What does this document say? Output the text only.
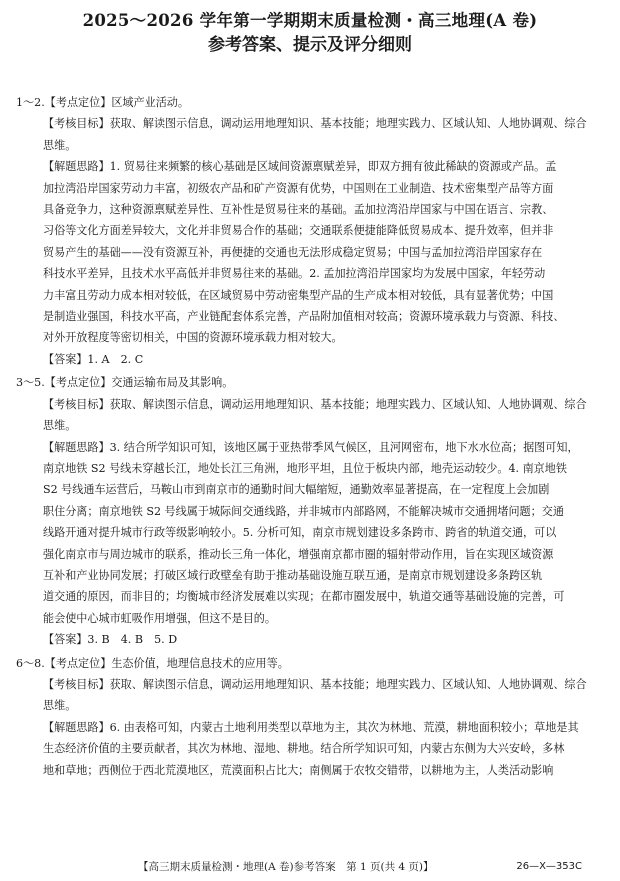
2025～2026 学年第一学期期末质量检测・高三地理(A 卷)
参考答案、提示及评分细则
1～2.【考点定位】区域产业活动。
【考核目标】获取、解读图示信息，调动运用地理知识、基本技能；地理实践力、区域认知、人地协调观、综合
思维。
【解题思路】1. 贸易往来频繁的核心基础是区域间资源禀赋差异，即双方拥有彼此稀缺的资源或产品。孟
加拉湾沿岸国家劳动力丰富，初级农产品和矿产资源有优势，中国则在工业制造、技术密集型产品等方面
具备竞争力，这种资源禀赋差异性、互补性是贸易往来的基础。孟加拉湾沿岸国家与中国在语言、宗教、
习俗等文化方面差异较大，文化并非贸易合作的基础；交通联系便捷能降低贸易成本、提升效率，但并非
贸易产生的基础——没有资源互补，再便捷的交通也无法形成稳定贸易；中国与孟加拉湾沿岸国家存在
科技水平差异，且技术水平高低并非贸易往来的基础。2. 孟加拉湾沿岸国家均为发展中国家，年轻劳动
力丰富且劳动力成本相对较低，在区域贸易中劳动密集型产品的生产成本相对较低，具有显著优势；中国
是制造业强国，科技水平高，产业链配套体系完善，产品附加值相对较高；资源环境承载力与资源、科技、
对外开放程度等密切相关，中国的资源环境承载力相对较大。
【答案】1. A　2. C
3～5.【考点定位】交通运输布局及其影响。
【考核目标】获取、解读图示信息，调动运用地理知识、基本技能；地理实践力、区域认知、人地协调观、综合
思维。
【解题思路】3. 结合所学知识可知，该地区属于亚热带季风气候区，且河网密布，地下水水位高；据图可知，
南京地铁 S2 号线未穿越长江，地处长江三角洲，地形平坦，且位于板块内部，地壳运动较少。4. 南京地铁
S2 号线通车运营后，马鞍山市到南京市的通勤时间大幅缩短，通勤效率显著提高，在一定程度上会加剧
职住分离；南京地铁 S2 号线属于城际间交通线路，并非城市内部路网，不能解决城市交通拥堵问题；交通
线路开通对提升城市行政等级影响较小。5. 分析可知，南京市规划建设多条跨市、跨省的轨道交通，可以
强化南京市与周边城市的联系，推动长三角一体化，增强南京都市圈的辐射带动作用，旨在实现区域资源
互补和产业协同发展；打破区域行政壁垒有助于推动基础设施互联互通，是南京市规划建设多条跨区轨
道交通的原因，而非目的；均衡城市经济发展难以实现；在都市圈发展中，轨道交通等基础设施的完善，可
能会使中心城市虹吸作用增强，但这不是目的。
【答案】3. B　4. B　5. D
6～8.【考点定位】生态价值，地理信息技术的应用等。
【考核目标】获取、解读图示信息，调动运用地理知识、基本技能；地理实践力、区域认知、人地协调观、综合
思维。
【解题思路】6. 由表格可知，内蒙古土地利用类型以草地为主，其次为林地、荒漠，耕地面积较小；草地是其
生态经济价值的主要贡献者，其次为林地、湿地、耕地。结合所学知识可知，内蒙古东侧为大兴安岭，多林
地和草地；西侧位于西北荒漠地区，荒漠面积占比大；南侧属于农牧交错带，以耕地为主，人类活动影响
【高三期末质量检测・地理(A 卷)参考答案　第 1 页(共 4 页)】	26—X—353C
